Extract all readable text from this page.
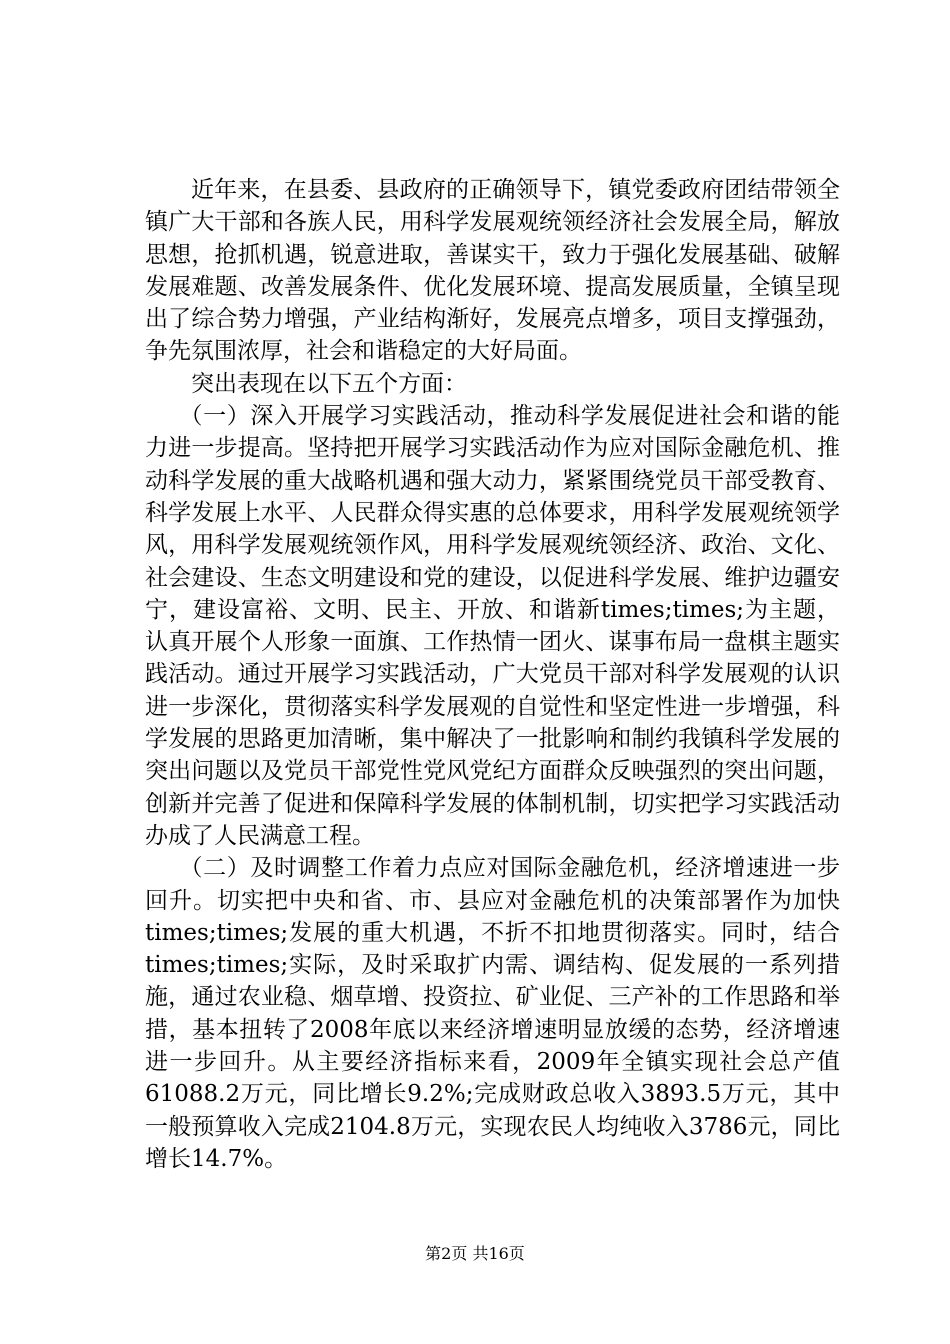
近年来，在县委、县政府的正确领导下，镇党委政府团结带领全镇广大干部和各族人民，用科学发展观统领经济社会发展全局，解放思想，抢抓机遇，锐意进取，善谋实干，致力于强化发展基础、破解发展难题、改善发展条件、优化发展环境、提高发展质量，全镇呈现出了综合势力增强，产业结构渐好，发展亮点增多，项目支撑强劲，争先氛围浓厚，社会和谐稳定的大好局面。

突出表现在以下五个方面：

（一）深入开展学习实践活动，推动科学发展促进社会和谐的能力进一步提高。坚持把开展学习实践活动作为应对国际金融危机、推动科学发展的重大战略机遇和强大动力，紧紧围绕党员干部受教育、科学发展上水平、人民群众得实惠的总体要求，用科学发展观统领学风，用科学发展观统领作风，用科学发展观统领经济、政治、文化、社会建设、生态文明建设和党的建设，以促进科学发展、维护边疆安宁，建设富裕、文明、民主、开放、和谐新times;times;为主题，认真开展个人形象一面旗、工作热情一团火、谋事布局一盘棋主题实践活动。通过开展学习实践活动，广大党员干部对科学发展观的认识进一步深化，贯彻落实科学发展观的自觉性和坚定性进一步增强，科学发展的思路更加清晰，集中解决了一批影响和制约我镇科学发展的突出问题以及党员干部党性党风党纪方面群众反映强烈的突出问题，创新并完善了促进和保障科学发展的体制机制，切实把学习实践活动办成了人民满意工程。

（二）及时调整工作着力点应对国际金融危机，经济增速进一步回升。切实把中央和省、市、县应对金融危机的决策部署作为加快times;times;发展的重大机遇，不折不扣地贯彻落实。同时，结合times;times;实际，及时采取扩内需、调结构、促发展的一系列措施，通过农业稳、烟草增、投资拉、矿业促、三产补的工作思路和举措，基本扭转了2008年底以来经济增速明显放缓的态势，经济增速进一步回升。从主要经济指标来看，2009年全镇实现社会总产值61088.2万元，同比增长9.2%;完成财政总收入3893.5万元，其中一般预算收入完成2104.8万元，实现农民人均纯收入3786元，同比增长14.7%。

第2页 共16页
